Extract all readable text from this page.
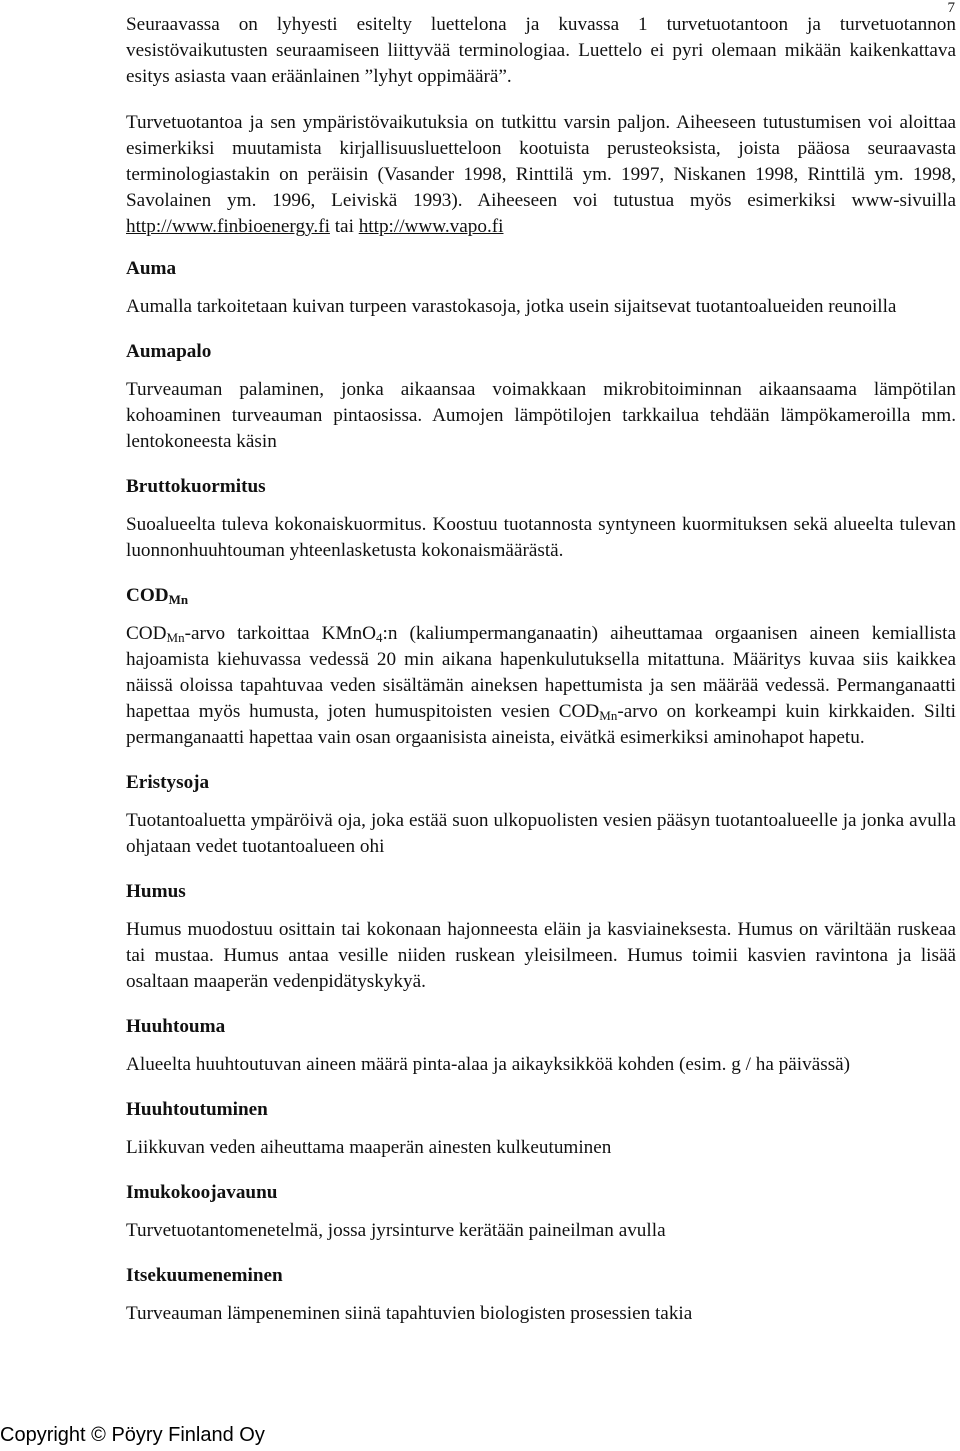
7

Seuraavassa on lyhyesti esitelty luettelona ja kuvassa 1 turvetuotantoon ja turvetuotannon vesistövaikutusten seuraamiseen liittyvää terminologiaa. Luettelo ei pyri olemaan mikään kaikenkattava esitys asiasta vaan eräänlainen ”lyhyt oppimäärä”.

Turvetuotantoa ja sen ympäristövaikutuksia on tutkittu varsin paljon. Aiheeseen tutustumisen voi aloittaa esimerkiksi muutamista kirjallisuusluetteloon kootuista perusteoksista, joista pääosa seuraavasta terminologiastakin on peräisin (Vasander 1998, Rinttilä ym. 1997, Niskanen 1998, Rinttilä ym. 1998, Savolainen ym. 1996, Leiviskä 1993). Aiheeseen voi tutustua myös esimerkiksi www-sivuilla http://www.finbioenergy.fi tai http://www.vapo.fi

Auma

Aumalla tarkoitetaan kuivan turpeen varastokasoja, jotka usein sijaitsevat tuotantoalueiden reunoilla

Aumapalo

Turveauman palaminen, jonka aikaansaa voimakkaan mikrobitoiminnan aikaansaama lämpötilan kohoaminen turveauman pintaosissa. Aumojen lämpötilojen tarkkailua tehdään lämpökameroilla mm. lentokoneesta käsin

Bruttokuormitus

Suoalueelta tuleva kokonaiskuormitus. Koostuu tuotannosta syntyneen kuormituksen sekä alueelta tulevan luonnonhuuhtouman yhteenlasketusta kokonaismäärästä.

$COD_{Mn}$

$COD_{Mn}$-arvo tarkoittaa KMnO$_4$:n (kaliumpermanganaatin) aiheuttamaa orgaanisen aineen kemiallista hajoamista kiehuvassa vedessä 20 min aikana hapenkulutuksella mitattuna. Määritys kuvaa siis kaikkea näissä oloissa tapahtuvaa veden sisältämän aineksen hapettumista ja sen määrää vedessä. Permanganaatti hapettaa myös humusta, joten humuspitoisten vesien $COD_{Mn}$-arvo on korkeampi kuin kirkkaiden. Silti permanganaatti hapettaa vain osan orgaanisista aineista, eivätkä esimerkiksi aminohapot hapetu.

Eristysoja

Tuotantoaluetta ympäröivä oja, joka estää suon ulkopuolisten vesien pääsyn tuotantoalueelle ja jonka avulla ohjataan vedet tuotantoalueen ohi

Humus

Humus muodostuu osittain tai kokonaan hajonneesta eläin ja kasviaineksesta. Humus on väriltään ruskeaa tai mustaa. Humus antaa vesille niiden ruskean yleisilmeen. Humus toimii kasvien ravintona ja lisää osaltaan maaperän vedenpidätyskykyä.

Huuhtouma

Alueelta huuhtoutuvan aineen määrä pinta-alaa ja aikayksikköä kohden (esim. g / ha päivässä)

Huuhtoutuminen

Liikkuvan veden aiheuttama maaperän ainesten kulkeutuminen

Imukokoojavaunu

Turvetuotantomenetelmä, jossa jyrsinturve kerätään paineilman avulla

Itsekuumeneminen

Turveauman lämpeneminen siinä tapahtuvien biologisten prosessien takia

Copyright © Pöyry Finland Oy
